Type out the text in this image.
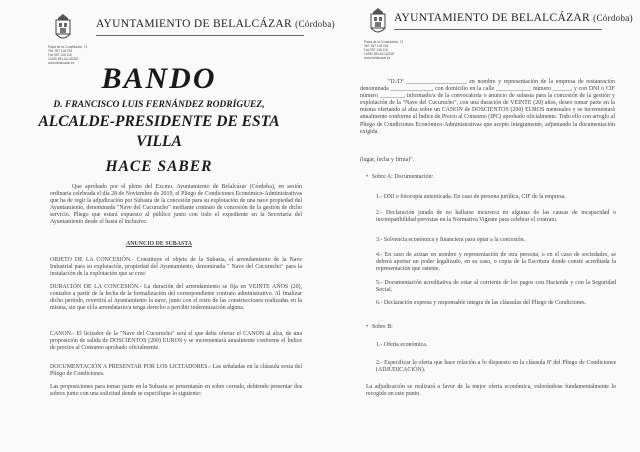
AYUNTAMIENTO DE BELALCÁZAR (Córdoba)
Plaza de la Constitución, 11
Telf. 957 146 004
Fax 957 146 116
14280 BELALCÁZAR
www.belalcazar.es BANDO
D. FRANCISCO LUIS FERNÁNDEZ RODRÍGUEZ,
ALCALDE-PRESIDENTE DE ESTA
VILLA
HACE SABER
Que aprobado por el pleno del Excmo. Ayuntamiento de Belalcázar (Córdoba), en sesión ordinaria celebrada el día 28 de Noviembre de 2019, el Pliego de Condiciones Económico-Administrativas que ha de regir la adjudicación por Subasta de la concesión para su explotación de una nave propiedad del Ayuntamiento, denominada "Nave del Cucurucho" mediante contrato de concesión de la gestión de dicho servicio. Pliego que estará expuesto al público junto con todo el expediente en la Secretaría del Ayuntamiento desde el hasta el inclusive.
ANUNCIO DE SUBASTA
OBJETO DE LA CONCESIÓN.- Constituye el objeto de la Subasta, el arrendamiento de la Nave Industrial para su explotación, propiedad del Ayuntamiento, denominada " Nave del Cucurucho" para la instalación de la explotación que se cree.
DURACIÓN DE LA CONCESIÓN.- La duración del arrendamiento se fija en VEINTE AÑOS (20), contados a partir de la fecha de la formalización del correspondiente contrato administrativo. Al finalizar dicho periodo, revertirá al Ayuntamiento la nave, junto con el resto de las construcciones realizadas en la misma, sin que el/la arrendatario/a tenga derecho a percibir indemnización alguna.
CANON.- El licitador de la "Nave del Cucurucho" será el que deba ofertar el CANON al alza, de una proposición de salida de DOSCIENTOS (200) EUROS y se incrementará anualmente conforme el Índice de precios al Consumo aprobado oficialmente.
DOCUMENTACIÓN A PRESENTAR POR LOS LICITADORES.- Las señaladas en la cláusula sexta del Pliego de Condiciones.
Las proposiciones para tomar parte en la Subasta se presentarán en sobre cerrado, debiendo presentar dos sobres junto con una solicitud donde se especifique lo siguiente:
AYUNTAMIENTO DE BELALCÁZAR (Córdoba)
Plaza de la Constitución, 11
Telf. 957 146 004
Fax 957 146 116
14280 BELALCÁZAR
www.belalcazar.es
"D./Dª ____________________, en nombre y representación de la empresa de restauración denominada ______________, con domicilio en la calle ____________ número ______, y con DNI o CIF número ________, informado/a de la convocatoria o anuncio de subasta para la concesión de la gestión y explotación de la "Nave del Cucurucho", con una duración de VEINTE (20) años, deseo tomar parte en la misma ofertando al alza sobre un CANON de DOSCIENTOS (200) EUROS mensuales y se incrementará anualmente conforme al Índice de Precio al Consumo (IPC) aprobado oficialmente. Todo ello con arreglo al Pliego de Condiciones Económico-Administrativas que acepto íntegramente, adjuntando la documentación exigida.
(lugar, fecha y firma)".
• Sobre A: Documentación:
1.- DNI o fotocopia autenticada. En caso de persona jurídica, CIF de la empresa.
2.- Declaración jurada de no hallarse incurso/a en algunas de las causas de incapacidad o incompatibilidad previstas en la Normativa Vigente para celebrar el contrato.
3.- Solvencia económica y financiera para optar a la concesión.
4.- En caso de actuar en nombre y representación de otra persona, o en el caso de sociedades, se deberá aportar un poder legalizado, en su caso, o copia de la Escritura donde conste acreditada la representación que ostente.
5.- Documentación acreditativa de estar al corriente de los pagos con Hacienda y con la Seguridad Social.
6.- Declaración expresa y responsable íntegra de las cláusulas del Pliego de Condiciones.
• Sobre B:
1.- Oferta económica.
2.- Especificar la oferta que hace relación a lo dispuesto en la cláusula 8ª del Pliego de Condiciones (ADJUDICACIÓN).
La adjudicación se realizará a favor de la mejor oferta económica, valorándose fundamentalmente lo recogido en este punto.
